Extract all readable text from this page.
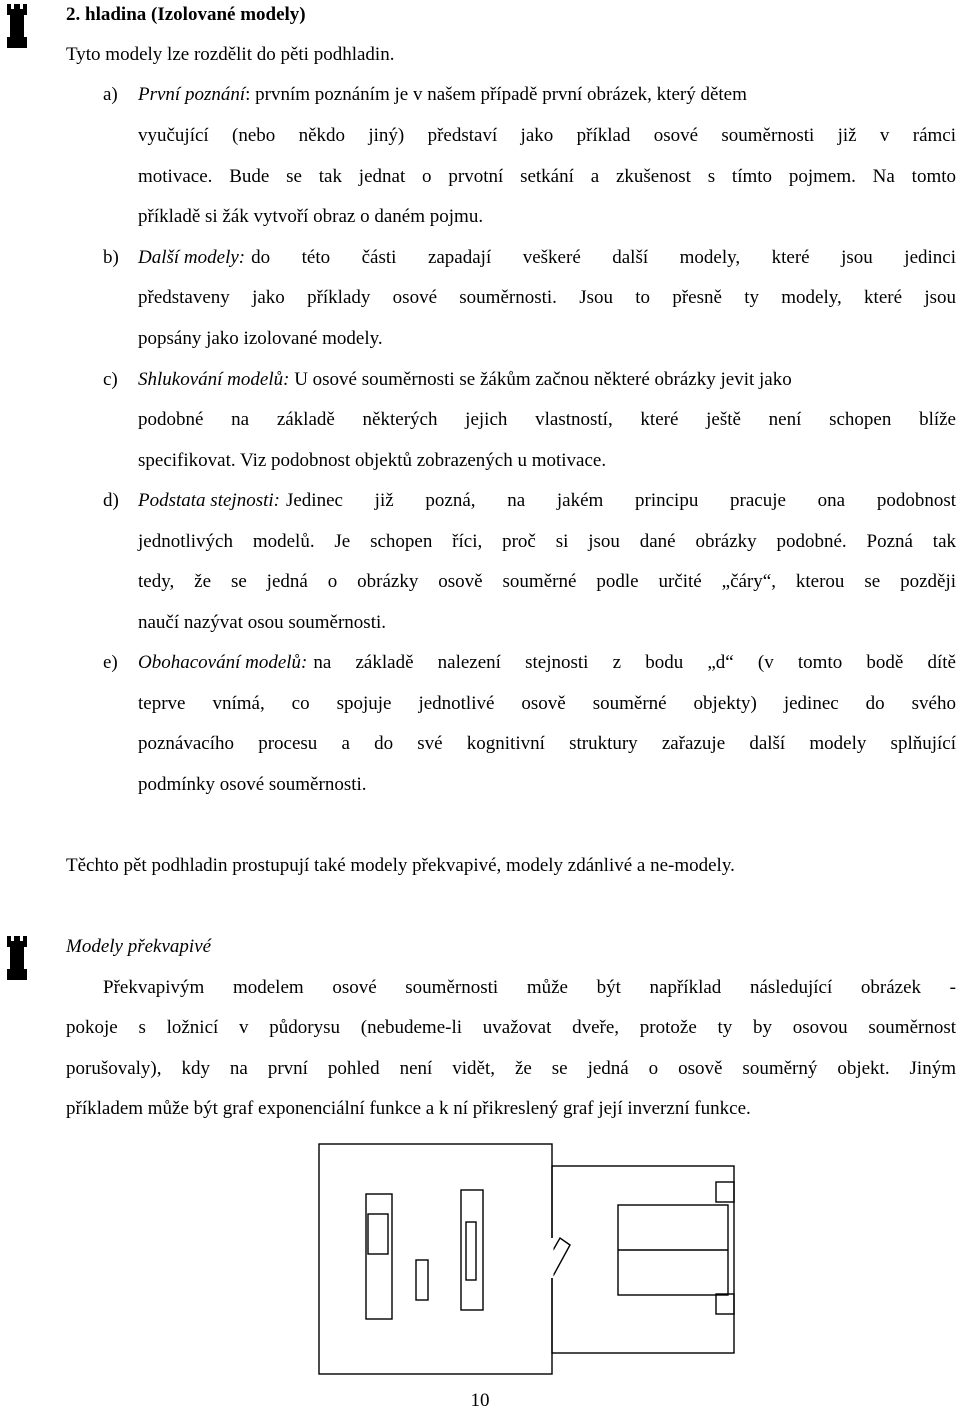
2. hladina (Izolované modely)
Tyto modely lze rozdělit do pěti podhladin.
a) První poznání: prvním poznáním je v našem případě první obrázek, který dětem
vyučující (nebo někdo jiný) představí jako příklad osové souměrnosti již v rámci
motivace. Bude se tak jednat o prvotní setkání a zkušenost s tímto pojmem. Na tomto
příkladě si žák vytvoří obraz o daném pojmu.
b) Další modely: do této části zapadají veškeré další modely, které jsou jedinci
představeny jako příklady osové souměrnosti. Jsou to přesně ty modely, které jsou
popsány jako izolované modely.
c) Shlukování modelů: U osové souměrnosti se žákům začnou některé obrázky jevit jako
podobné na základě některých jejich vlastností, které ještě není schopen blíže
specifikovat. Viz podobnost objektů zobrazených u motivace.
d) Podstata stejnosti: Jedinec již pozná, na jakém principu pracuje ona podobnost
jednotlivých modelů. Je schopen říci, proč si jsou dané obrázky podobné. Pozná tak
tedy, že se jedná o obrázky osově souměrné podle určité „čáry“, kterou se později
naučí nazývat osou souměrnosti.
e) Obohacování modelů: na základě nalezení stejnosti z bodu „d“ (v tomto bodě dítě
teprve vnímá, co spojuje jednotlivé osově souměrné objekty) jedinec do svého
poznávacího procesu a do své kognitivní struktury zařazuje další modely splňující
podmínky osové souměrnosti.
Těchto pět podhladin prostupují také modely překvapivé, modely zdánlivé a ne-modely.
Modely překvapivé
Překvapivým modelem osové souměrnosti může být například následující obrázek -
pokoje s ložnicí v půdorysu (nebudeme-li uvažovat dveře, protože ty by osovou souměrnost
porušovaly), kdy na první pohled není vidět, že se jedná o osově souměrný objekt. Jiným
příkladem může být graf exponenciální funkce a k ní přikreslený graf její inverzní funkce.
10
